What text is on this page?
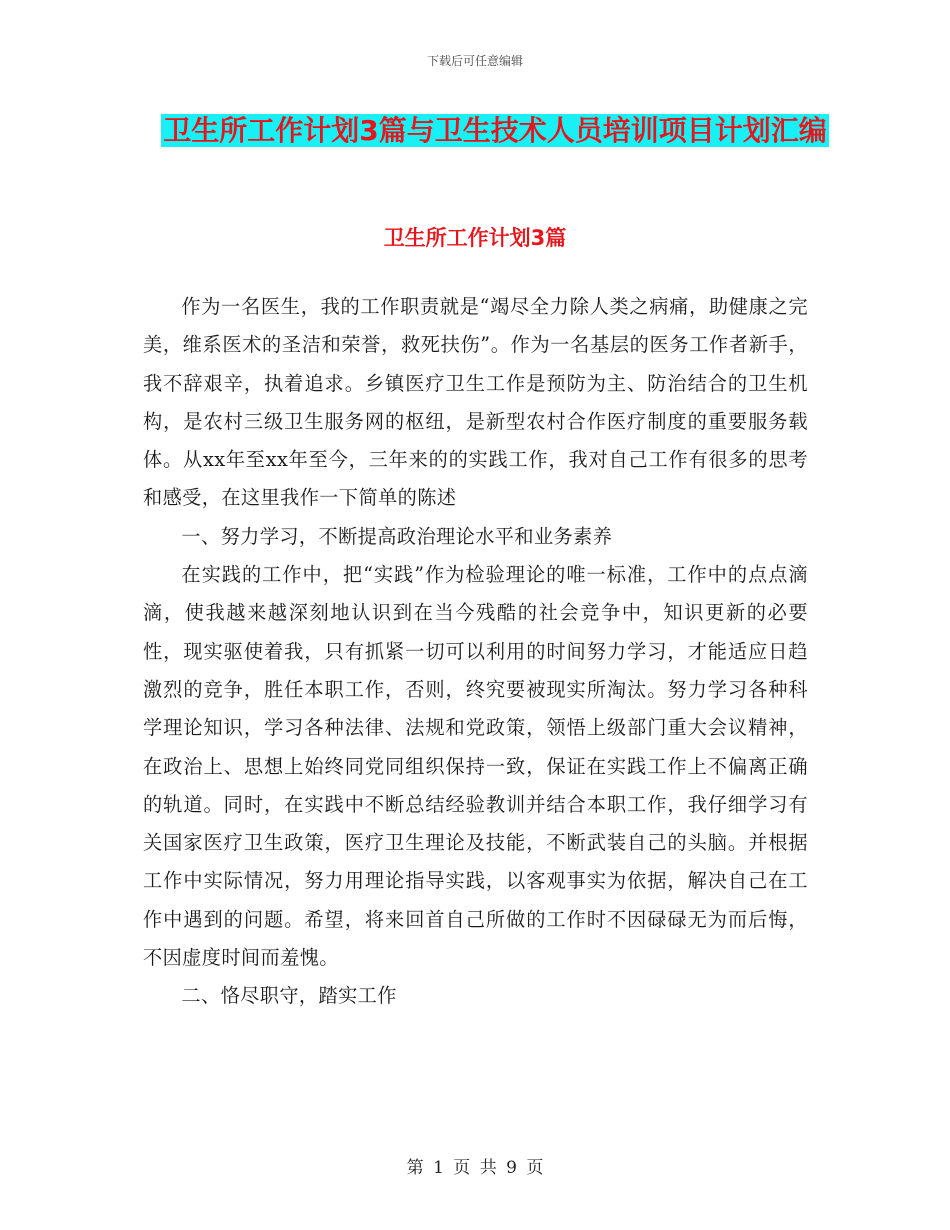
下载后可任意编辑
卫生所工作计划3篇与卫生技术人员培训项目计划汇编
卫生所工作计划3篇

作为一名医生，我的工作职责就是“竭尽全力除人类之病痛，助健康之完美，维系医术的圣洁和荣誉，救死扶伤”。作为一名基层的医务工作者新手，我不辞艰辛，执着追求。乡镇医疗卫生工作是预防为主、防治结合的卫生机构，是农村三级卫生服务网的枢纽，是新型农村合作医疗制度的重要服务载体。从xx年至xx年至今，三年来的的实践工作，我对自己工作有很多的思考和感受，在这里我作一下简单的陈述

一、努力学习，不断提高政治理论水平和业务素养

在实践的工作中，把“实践”作为检验理论的唯一标准，工作中的点点滴滴，使我越来越深刻地认识到在当今残酷的社会竞争中，知识更新的必要性，现实驱使着我，只有抓紧一切可以利用的时间努力学习，才能适应日趋激烈的竞争，胜任本职工作，否则，终究要被现实所淘汰。努力学习各种科学理论知识，学习各种法律、法规和党政策，领悟上级部门重大会议精神，在政治上、思想上始终同党同组织保持一致，保证在实践工作上不偏离正确的轨道。同时，在实践中不断总结经验教训并结合本职工作，我仔细学习有关国家医疗卫生政策，医疗卫生理论及技能，不断武装自己的头脑。并根据工作中实际情况，努力用理论指导实践，以客观事实为依据，解决自己在工作中遇到的问题。希望，将来回首自己所做的工作时不因碌碌无为而后悔，不因虚度时间而羞愧。

二、恪尽职守，踏实工作

第 1 页 共 9 页
